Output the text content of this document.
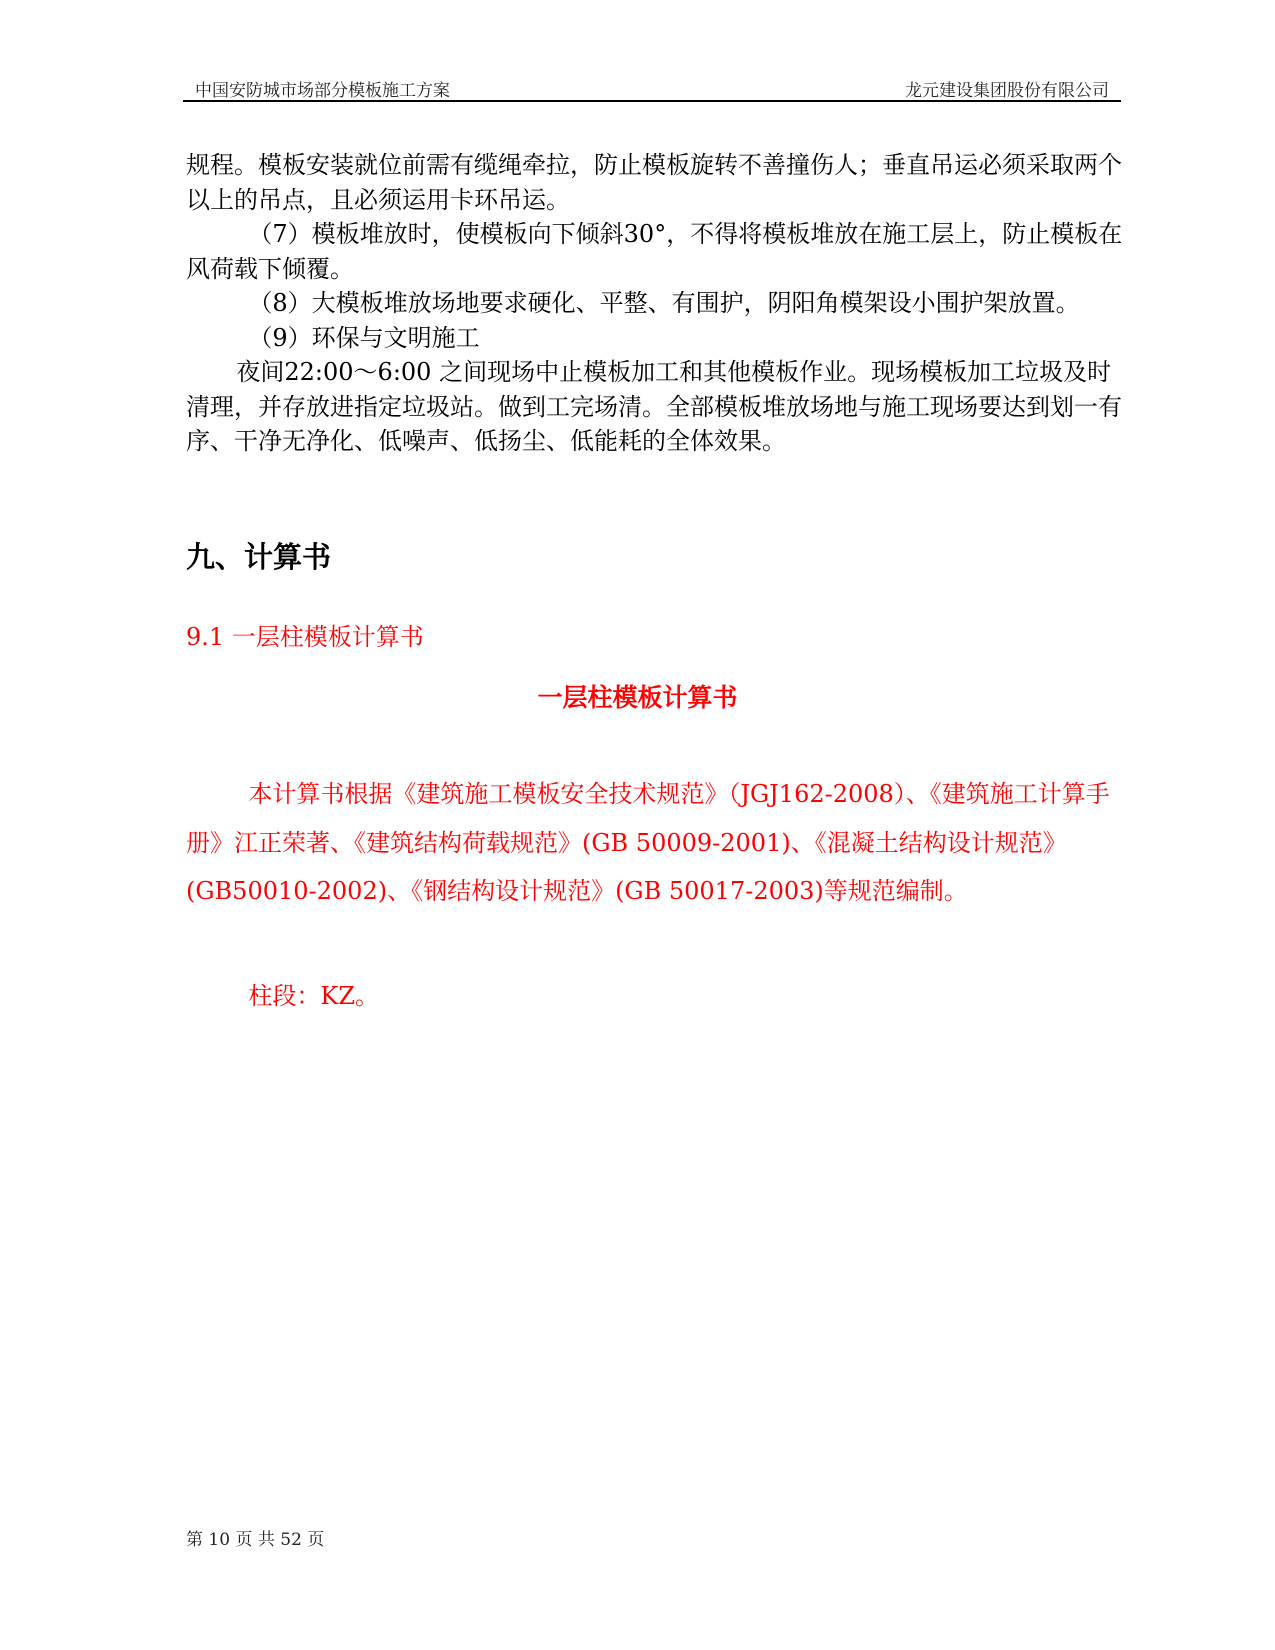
中国安防城市场部分模板施工方案	龙元建设集团股份有限公司

规程。模板安装就位前需有缆绳牵拉，防止模板旋转不善撞伤人；垂直吊运必须采取两个以上的吊点，且必须运用卡环吊运。

（7）模板堆放时，使模板向下倾斜30°，不得将模板堆放在施工层上，防止模板在风荷载下倾覆。

（8）大模板堆放场地要求硬化、平整、有围护，阴阳角模架设小围护架放置。

（9）环保与文明施工

夜间22:00～6:00 之间现场中止模板加工和其他模板作业。现场模板加工垃圾及时清理，并存放进指定垃圾站。做到工完场清。全部模板堆放场地与施工现场要达到划一有序、干净无净化、低噪声、低扬尘、低能耗的全体效果。

九、计算书
9.1 一层柱模板计算书
一层柱模板计算书

本计算书根据《建筑施工模板安全技术规范》（JGJ162-2008）、《建筑施工计算手册》江正荣著、《建筑结构荷载规范》(GB 50009-2001)、《混凝土结构设计规范》(GB50010-2002)、《钢结构设计规范》(GB 50017-2003)等规范编制。

柱段：KZ。
第 10 页 共 52 页
